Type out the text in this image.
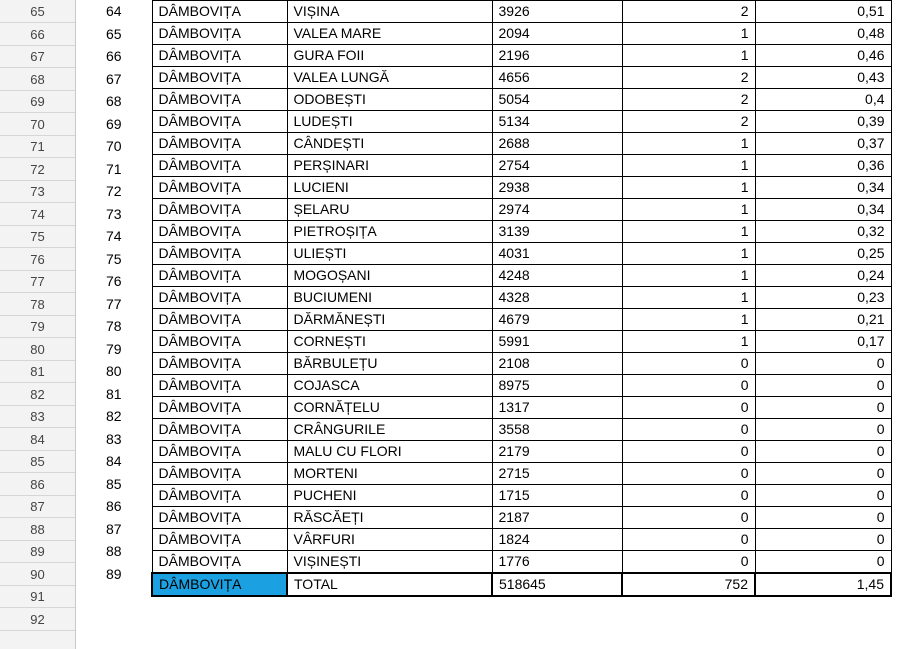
65
66
67
68
69
70
71
72
73
74
75
76
77
78
79
80
81
82
83
84
85
86
87
88
89
90
91
92
64
65
66
67
68
69
70
71
72
73
74
75
76
77
78
79
80
81
82
83
84
85
86
87
88
89
DÂMBOVIȚA	VIȘINA	3926	2	0,51
DÂMBOVIȚA	VALEA MARE	2094	1	0,48
DÂMBOVIȚA	GURA FOII	2196	1	0,46
DÂMBOVIȚA	VALEA LUNGĂ	4656	2	0,43
DÂMBOVIȚA	ODOBEȘTI	5054	2	0,4
DÂMBOVIȚA	LUDEȘTI	5134	2	0,39
DÂMBOVIȚA	CÂNDEȘTI	2688	1	0,37
DÂMBOVIȚA	PERȘINARI	2754	1	0,36
DÂMBOVIȚA	LUCIENI	2938	1	0,34
DÂMBOVIȚA	ȘELARU	2974	1	0,34
DÂMBOVIȚA	PIETROȘIȚA	3139	1	0,32
DÂMBOVIȚA	ULIEȘTI	4031	1	0,25
DÂMBOVIȚA	MOGOȘANI	4248	1	0,24
DÂMBOVIȚA	BUCIUMENI	4328	1	0,23
DÂMBOVIȚA	DĂRMĂNEȘTI	4679	1	0,21
DÂMBOVIȚA	CORNEȘTI	5991	1	0,17
DÂMBOVIȚA	BĂRBULEȚU	2108	0	0
DÂMBOVIȚA	COJASCA	8975	0	0
DÂMBOVIȚA	CORNĂȚELU	1317	0	0
DÂMBOVIȚA	CRÂNGURILE	3558	0	0
DÂMBOVIȚA	MALU CU FLORI	2179	0	0
DÂMBOVIȚA	MORTENI	2715	0	0
DÂMBOVIȚA	PUCHENI	1715	0	0
DÂMBOVIȚA	RĂSCĂEȚI	2187	0	0
DÂMBOVIȚA	VÂRFURI	1824	0	0
DÂMBOVIȚA	VIȘINEȘTI	1776	0	0
DÂMBOVIȚA	TOTAL	518645	752	1,45
